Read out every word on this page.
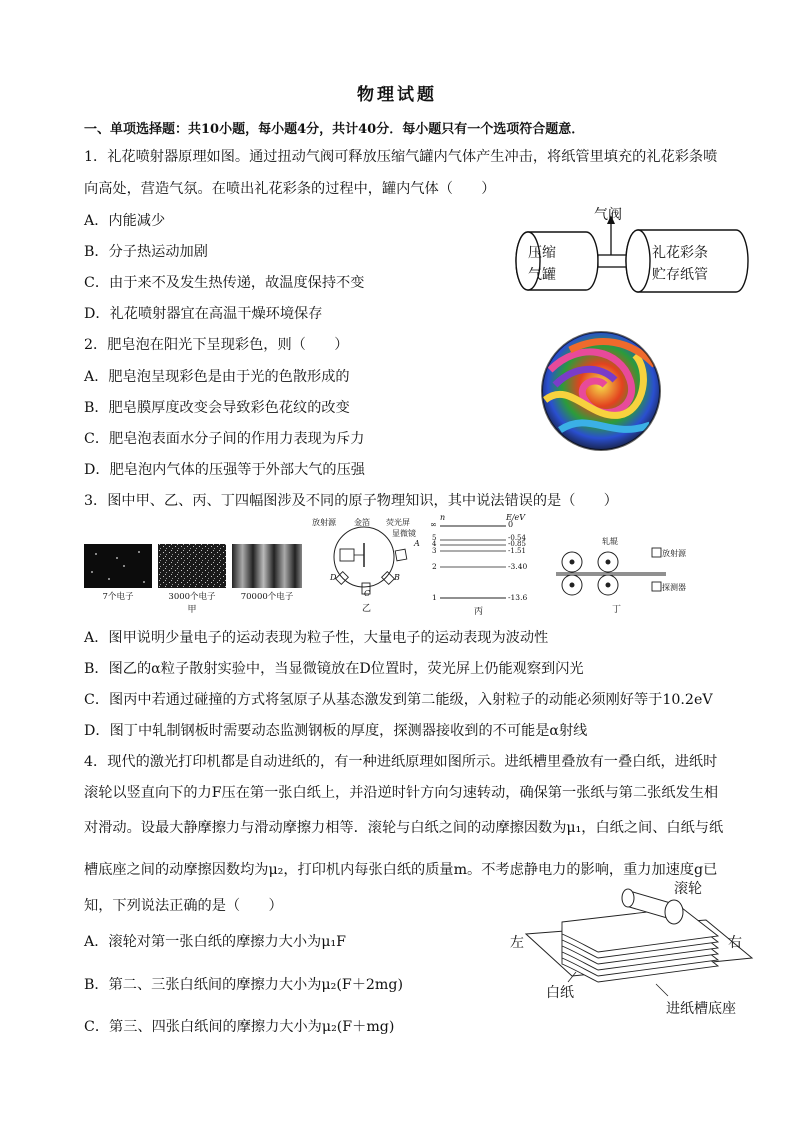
物理试题
一、单项选择题：共10小题，每小题4分，共计40分．每小题只有一个选项符合题意．
1．礼花喷射器原理如图。通过扭动气阀可释放压缩气罐内气体产生冲击，将纸管里填充的礼花彩条喷
向高处，营造气氛。在喷出礼花彩条的过程中，罐内气体（　　）
A．内能减少
B．分子热运动加剧
C．由于来不及发生热传递，故温度保持不变
D．礼花喷射器宜在高温干燥环境保存
气阀
压缩
气罐
礼花彩条
贮存纸管
2．肥皂泡在阳光下呈现彩色，则（　　）
A．肥皂泡呈现彩色是由于光的色散形成的
B．肥皂膜厚度改变会导致彩色花纹的改变
C．肥皂泡表面水分子间的作用力表现为斥力
D．肥皂泡内气体的压强等于外部大气的压强
3．图中甲、乙、丙、丁四幅图涉及不同的原子物理知识，其中说法错误的是（　　）
7个电子	3000个电子	70000个电子
甲
放射源 金箔 荧光屏
显微镜
A
B
C
D
乙
n	E/eV
∞	0
5	-0.54
4	-0.85
3	-1.51
2	-3.40
1	-13.6
丙
轧辊
放射源
探测器
丁
A．图甲说明少量电子的运动表现为粒子性，大量电子的运动表现为波动性
B．图乙的α粒子散射实验中，当显微镜放在D位置时，荧光屏上仍能观察到闪光
C．图丙中若通过碰撞的方式将氢原子从基态激发到第二能级，入射粒子的动能必须刚好等于10.2eV
D．图丁中轧制钢板时需要动态监测钢板的厚度，探测器接收到的不可能是α射线
4．现代的激光打印机都是自动进纸的，有一种进纸原理如图所示。进纸槽里叠放有一叠白纸，进纸时
滚轮以竖直向下的力F压在第一张白纸上，并沿逆时针方向匀速转动，确保第一张纸与第二张纸发生相
对滑动。设最大静摩擦力与滑动摩擦力相等．滚轮与白纸之间的动摩擦因数为μ₁，白纸之间、白纸与纸
槽底座之间的动摩擦因数均为μ₂，打印机内每张白纸的质量m。不考虑静电力的影响，重力加速度g已
知，下列说法正确的是（　　）
A．滚轮对第一张白纸的摩擦力大小为μ₁F
B．第二、三张白纸间的摩擦力大小为μ₂(F＋2mg)
C．第三、四张白纸间的摩擦力大小为μ₂(F＋mg)
滚轮
左	右
白纸
进纸槽底座
